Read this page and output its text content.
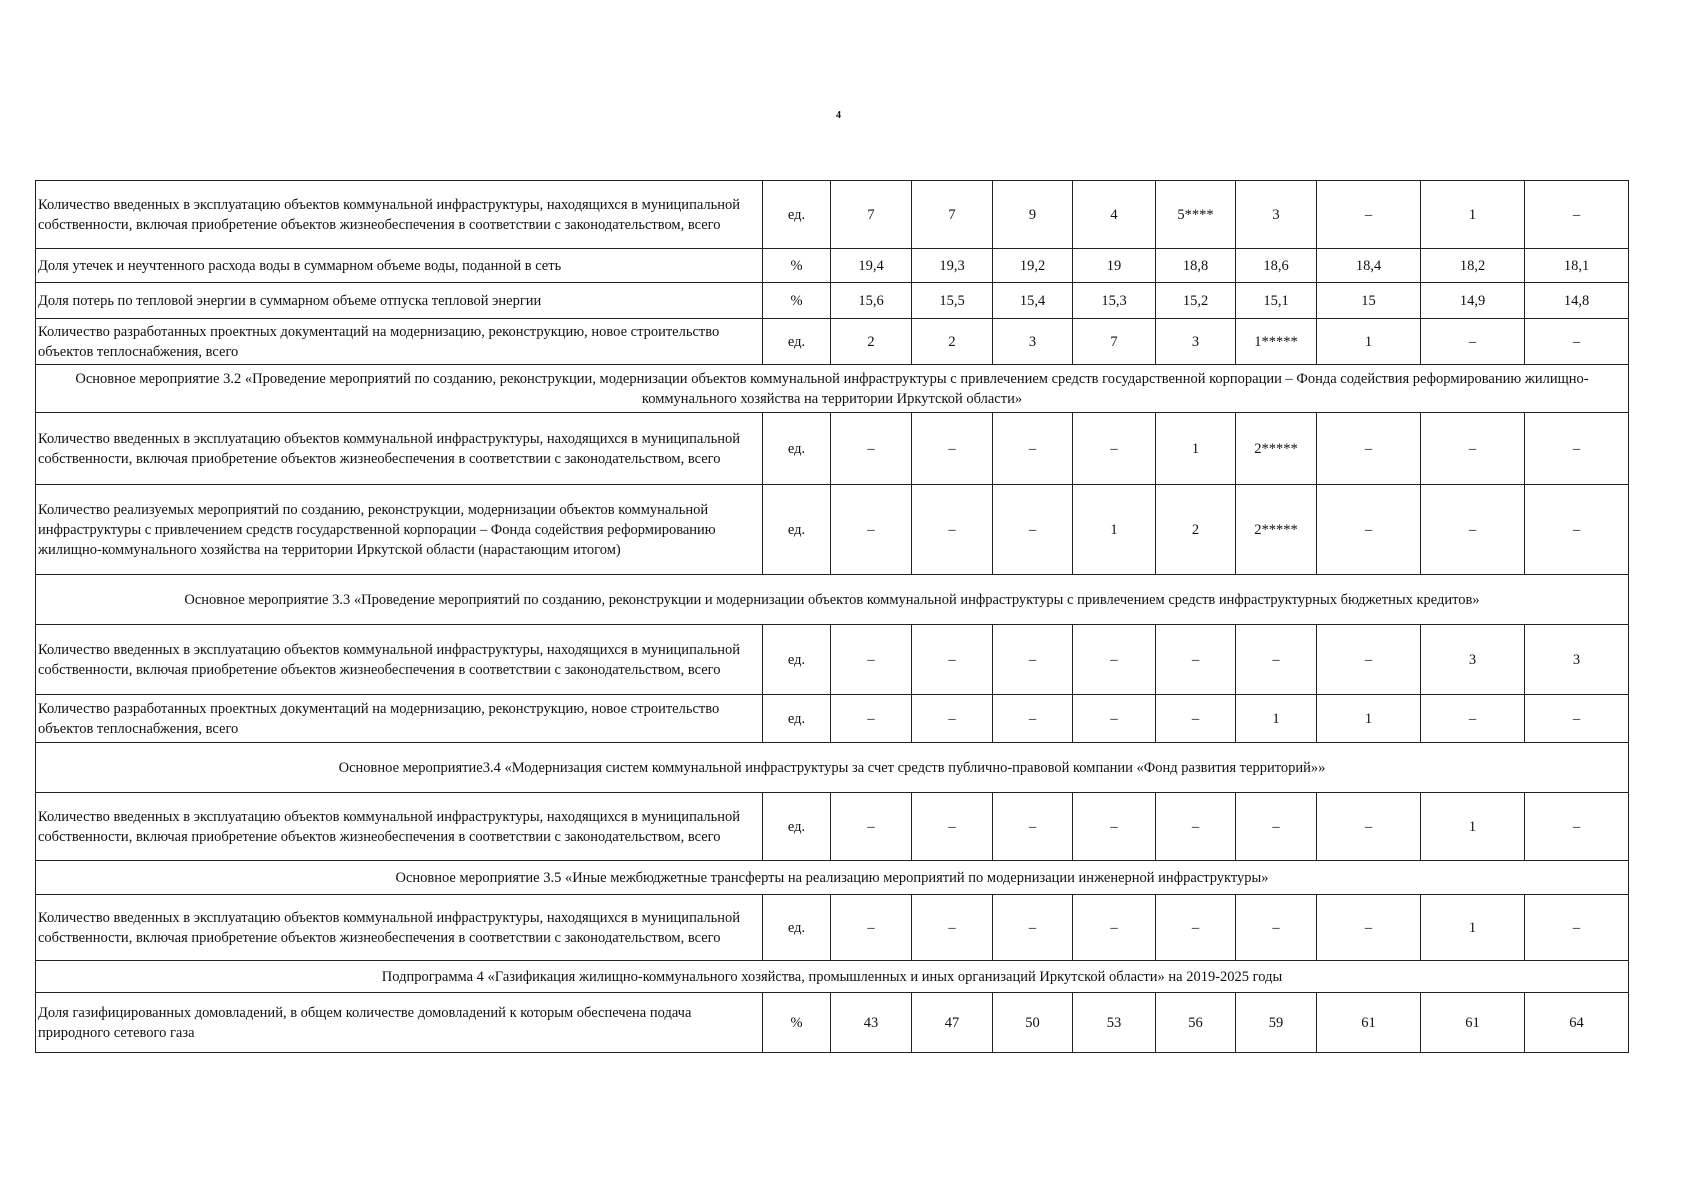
4
Количество введенных в эксплуатацию объектов коммунальной инфраструктуры, находящихся в муниципальной собственности, включая приобретение объектов жизнеобеспечения в соответствии с законодательством, всего	ед.	7	7	9	4	5****	3	–	1	–
Доля утечек и неучтенного расхода воды в суммарном объеме воды, поданной в сеть	%	19,4	19,3	19,2	19	18,8	18,6	18,4	18,2	18,1
Доля потерь по тепловой энергии в суммарном объеме отпуска тепловой энергии	%	15,6	15,5	15,4	15,3	15,2	15,1	15	14,9	14,8
Количество разработанных проектных документаций на модернизацию, реконструкцию, новое строительство объектов теплоснабжения, всего	ед.	2	2	3	7	3	1*****	1	–	–
Основное мероприятие 3.2 «Проведение мероприятий по созданию, реконструкции, модернизации объектов коммунальной инфраструктуры с привлечением средств государственной корпорации – Фонда содействия реформированию жилищно-коммунального хозяйства на территории Иркутской области»										
Количество введенных в эксплуатацию объектов коммунальной инфраструктуры, находящихся в муниципальной собственности, включая приобретение объектов жизнеобеспечения в соответствии с законодательством, всего	ед.	–	–	–	–	1	2*****	–	–	–
Количество реализуемых мероприятий по созданию, реконструкции, модернизации объектов коммунальной инфраструктуры с привлечением средств государственной корпорации – Фонда содействия реформированию жилищно-коммунального хозяйства на территории Иркутской области (нарастающим итогом)	ед.	–	–	–	1	2	2*****	–	–	–
Основное мероприятие 3.3 «Проведение мероприятий по созданию, реконструкции и модернизации объектов коммунальной инфраструктуры с привлечением средств инфраструктурных бюджетных кредитов»										
Количество введенных в эксплуатацию объектов коммунальной инфраструктуры, находящихся в муниципальной собственности, включая приобретение объектов жизнеобеспечения в соответствии с законодательством, всего	ед.	–	–	–	–	–	–	–	3	3
Количество разработанных проектных документаций на модернизацию, реконструкцию, новое строительство объектов теплоснабжения, всего	ед.	–	–	–	–	–	1	1	–	–
Основное мероприятие3.4 «Модернизация систем коммунальной инфраструктуры за счет средств публично-правовой компании «Фонд развития территорий»»										
Количество введенных в эксплуатацию объектов коммунальной инфраструктуры, находящихся в муниципальной собственности, включая приобретение объектов жизнеобеспечения в соответствии с законодательством, всего	ед.	–	–	–	–	–	–	–	1	–
Основное мероприятие 3.5 «Иные межбюджетные трансферты на реализацию мероприятий по модернизации инженерной инфраструктуры»										
Количество введенных в эксплуатацию объектов коммунальной инфраструктуры, находящихся в муниципальной собственности, включая приобретение объектов жизнеобеспечения в соответствии с законодательством, всего	ед.	–	–	–	–	–	–	–	1	–
Подпрограмма 4 «Газификация жилищно-коммунального хозяйства, промышленных и иных организаций Иркутской области» на 2019-2025 годы										
Доля газифицированных домовладений, в общем количестве домовладений к которым обеспечена подача природного сетевого газа	%	43	47	50	53	56	59	61	61	64
